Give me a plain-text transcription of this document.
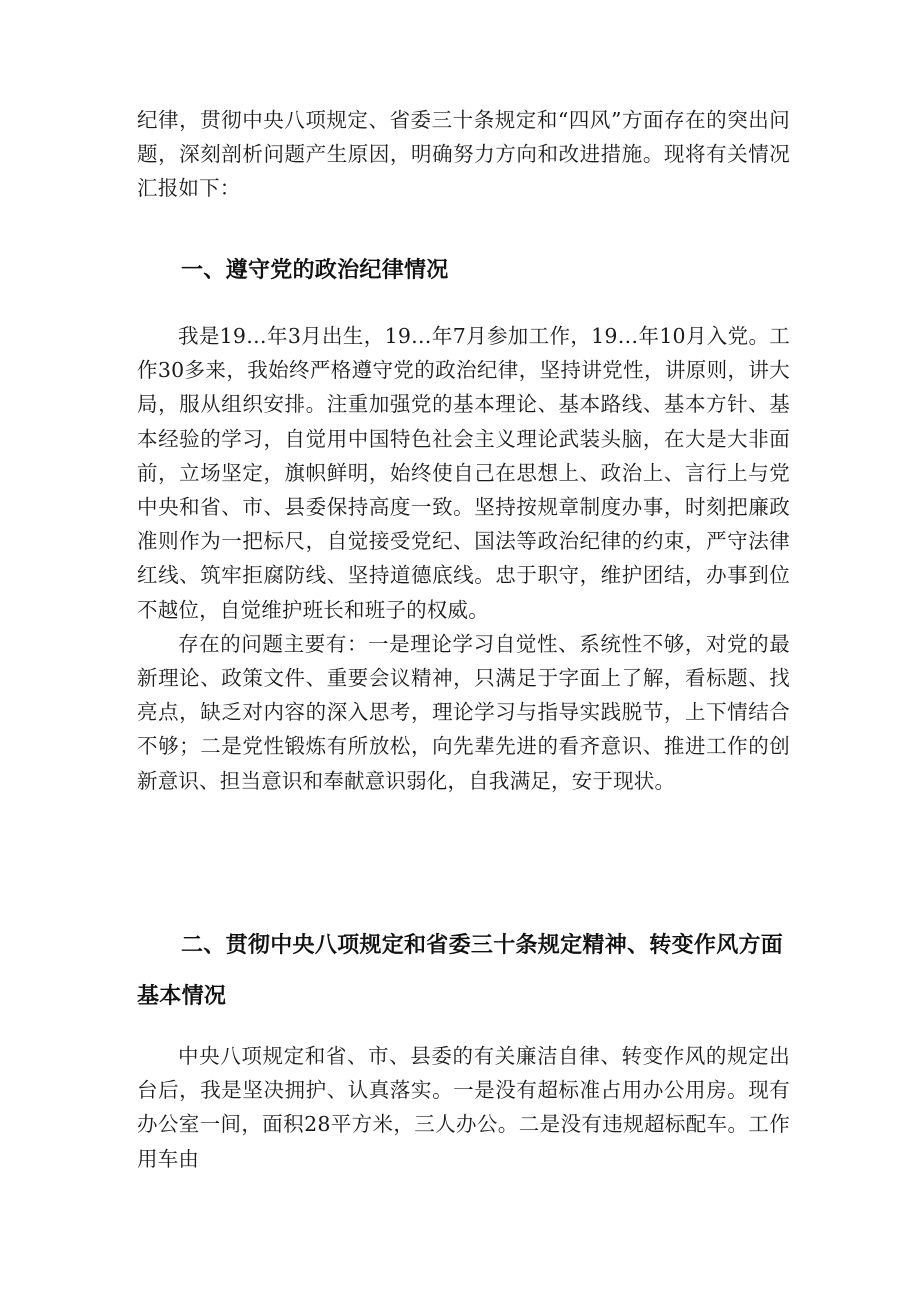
纪律，贯彻中央八项规定、省委三十条规定和“四风”方面存在的突出问题，深刻剖析问题产生原因，明确努力方向和改进措施。现将有关情况汇报如下：

一、遵守党的政治纪律情况

我是19…年3月出生，19…年7月参加工作，19…年10月入党。工作30多来，我始终严格遵守党的政治纪律，坚持讲党性，讲原则，讲大局，服从组织安排。注重加强党的基本理论、基本路线、基本方针、基本经验的学习，自觉用中国特色社会主义理论武装头脑，在大是大非面前，立场坚定，旗帜鲜明，始终使自己在思想上、政治上、言行上与党中央和省、市、县委保持高度一致。坚持按规章制度办事，时刻把廉政准则作为一把标尺，自觉接受党纪、国法等政治纪律的约束，严守法律红线、筑牢拒腐防线、坚持道德底线。忠于职守，维护团结，办事到位不越位，自觉维护班长和班子的权威。

存在的问题主要有：一是理论学习自觉性、系统性不够，对党的最新理论、政策文件、重要会议精神，只满足于字面上了解，看标题、找亮点，缺乏对内容的深入思考，理论学习与指导实践脱节，上下情结合不够；二是党性锻炼有所放松，向先辈先进的看齐意识、推进工作的创新意识、担当意识和奉献意识弱化，自我满足，安于现状。

二、贯彻中央八项规定和省委三十条规定精神、转变作风方面基本情况

中央八项规定和省、市、县委的有关廉洁自律、转变作风的规定出台后，我是坚决拥护、认真落实。一是没有超标准占用办公用房。现有办公室一间，面积28平方米，三人办公。二是没有违规超标配车。工作用车由
